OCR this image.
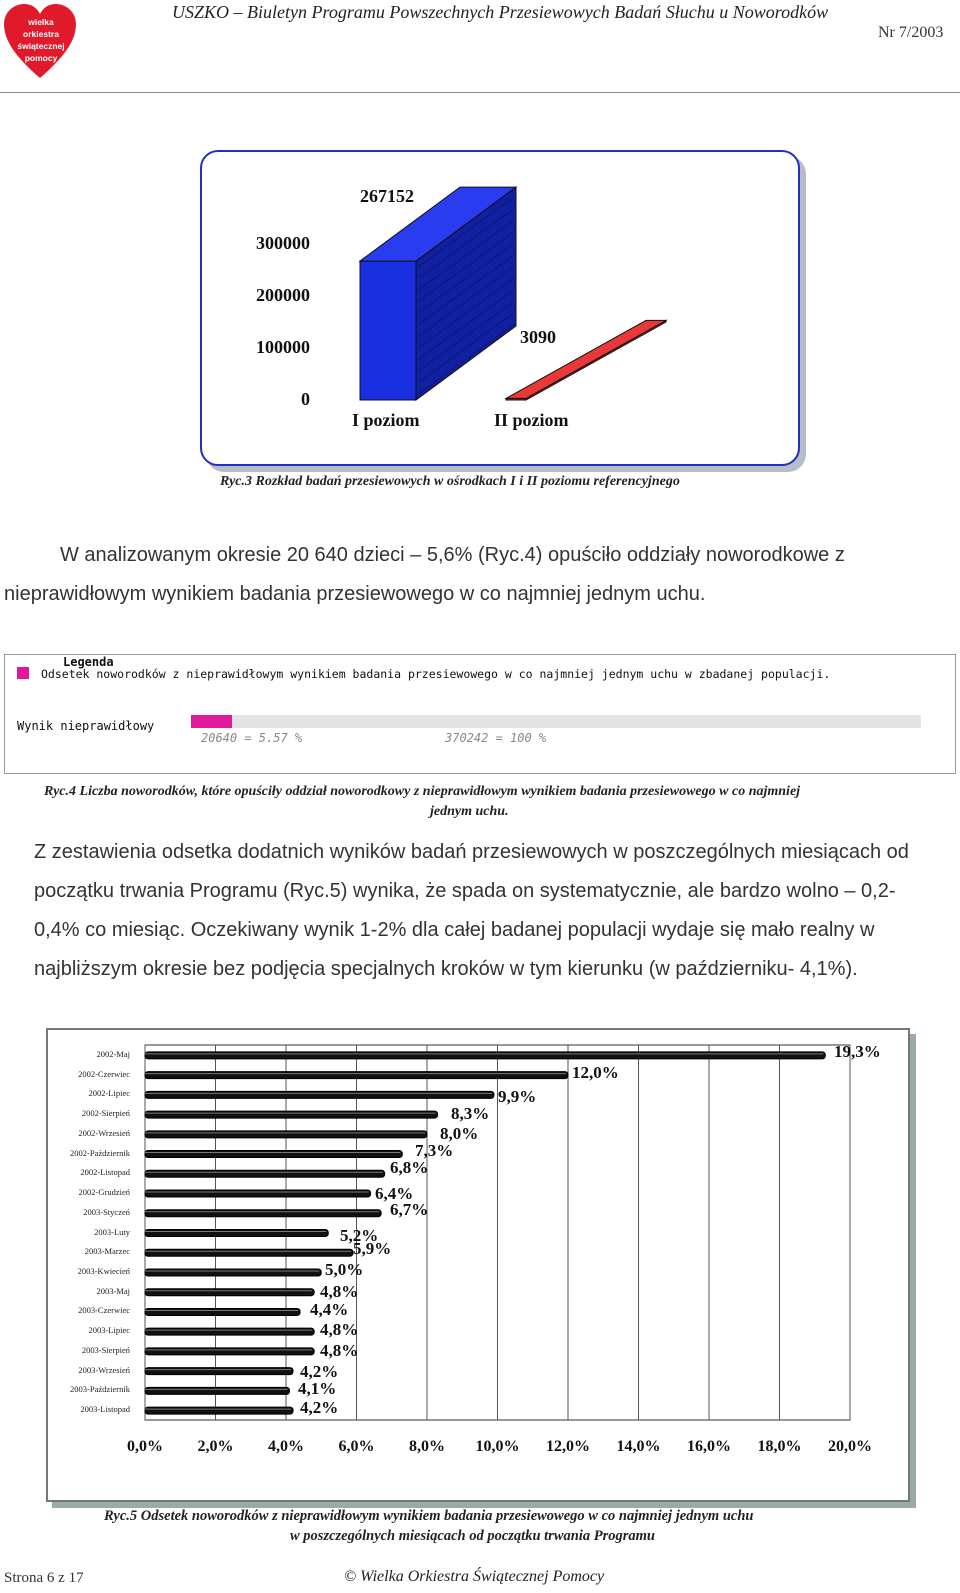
wielka orkiestra
świątecznej
pomocy
USZKO – Biuletyn Programu Powszechnych Przesiewowych Badań Słuchu u Noworodków
Nr 7/2003
0
100000
200000
300000
267152
3090
I poziom	II poziom
Ryc.3 Rozkład badań przesiewowych w ośrodkach I i II poziomu referencyjnego
W analizowanym okresie 20 640 dzieci – 5,6% (Ryc.4) opuściło oddziały noworodkowe z
nieprawidłowym wynikiem badania przesiewowego w co najmniej jednym uchu.
Legenda
Odsetek noworodków z nieprawidłowym wynikiem badania przesiewowego w co najmniej jednym uchu w zbadanej populacji.
Wynik nieprawidłowy
20640 = 5.57 %	370242 = 100 %
Ryc.4 Liczba noworodków, które opuściły oddział noworodkowy z nieprawidłowym wynikiem badania przesiewowego w co najmniej
jednym uchu.
Z zestawienia odsetka dodatnich wyników badań przesiewowych w poszczególnych miesiącach od
początku trwania Programu (Ryc.5) wynika, że spada on systematycznie, ale bardzo wolno – 0,2-
0,4% co miesiąc. Oczekiwany wynik 1-2% dla całej badanej populacji wydaje się mało realny w
najbliższym okresie bez podjęcia specjalnych kroków w tym kierunku (w październiku- 4,1%).
0,0%	2,0%	4,0%	6,0%	8,0%	10,0%	12,0%	14,0%	16,0%	18,0%	20,0%
2002-Maj	19,3%
2002-Czerwiec	12,0%
2002-Lipiec	9,9%
2002-Sierpień	8,3%
2002-Wrzesień	8,0%
2002-Październik	7,3%
2002-Listopad	6,8%
2002-Grudzień	6,4%
2003-Styczeń	6,7%
2003-Luty	5,2%
2003-Marzec	5,9%
2003-Kwiecień	5,0%
2003-Maj	4,8%
2003-Czerwiec	4,4%
2003-Lipiec	4,8%
2003-Sierpień	4,8%
2003-Wrzesień	4,2%
2003-Październik	4,1%
2003-Listopad	4,2%
Ryc.5 Odsetek noworodków z nieprawidłowym wynikiem badania przesiewowego w co najmniej jednym uchu
w poszczególnych miesiącach od początku trwania Programu
Strona 6 z 17	© Wielka Orkiestra Świątecznej Pomocy
